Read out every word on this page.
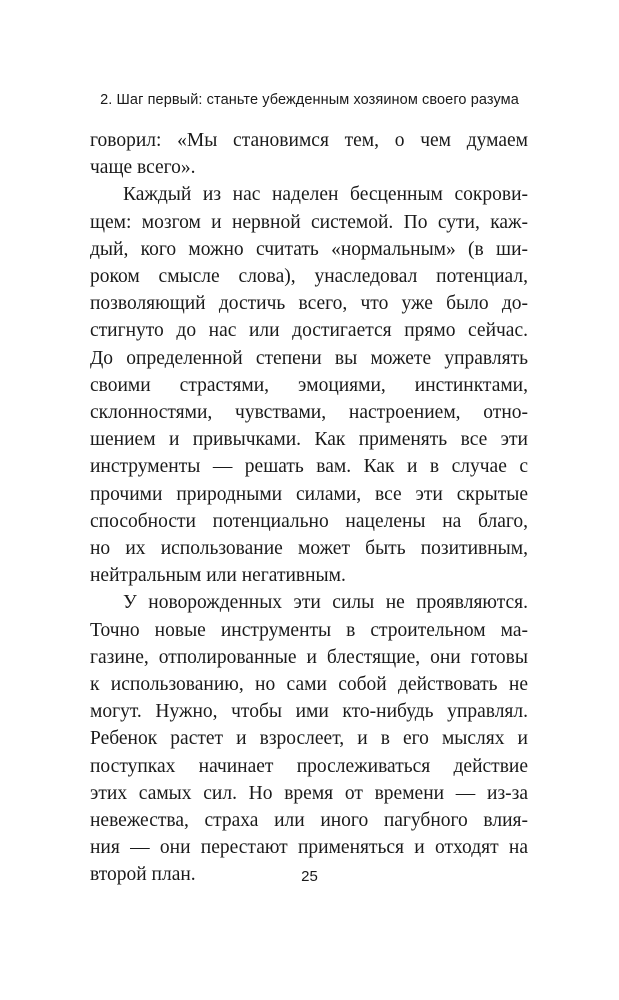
2. Шаг первый: станьте убежденным хозяином своего разума

говорил: «Мы становимся тем, о чем думаем
чаще всего».

Каждый из нас наделен бесценным сокрови-
щем: мозгом и нервной системой. По сути, каж-
дый, кого можно считать «нормальным» (в ши-
роком смысле слова), унаследовал потенциал,
позволяющий достичь всего, что уже было до-
стигнуто до нас или достигается прямо сейчас.
До определенной степени вы можете управлять
своими страстями, эмоциями, инстинктами,
склонностями, чувствами, настроением, отно-
шением и привычками. Как применять все эти
инструменты — решать вам. Как и в случае с
прочими природными силами, все эти скрытые
способности потенциально нацелены на благо,
но их использование может быть позитивным,
нейтральным или негативным.

У новорожденных эти силы не проявляются.
Точно новые инструменты в строительном ма-
газине, отполированные и блестящие, они готовы
к использованию, но сами собой действовать не
могут. Нужно, чтобы ими кто-нибудь управлял.
Ребенок растет и взрослеет, и в его мыслях и
поступках начинает прослеживаться действие
этих самых сил. Но время от времени — из-за
невежества, страха или иного пагубного влия-
ния — они перестают применяться и отходят на
второй план.	25
